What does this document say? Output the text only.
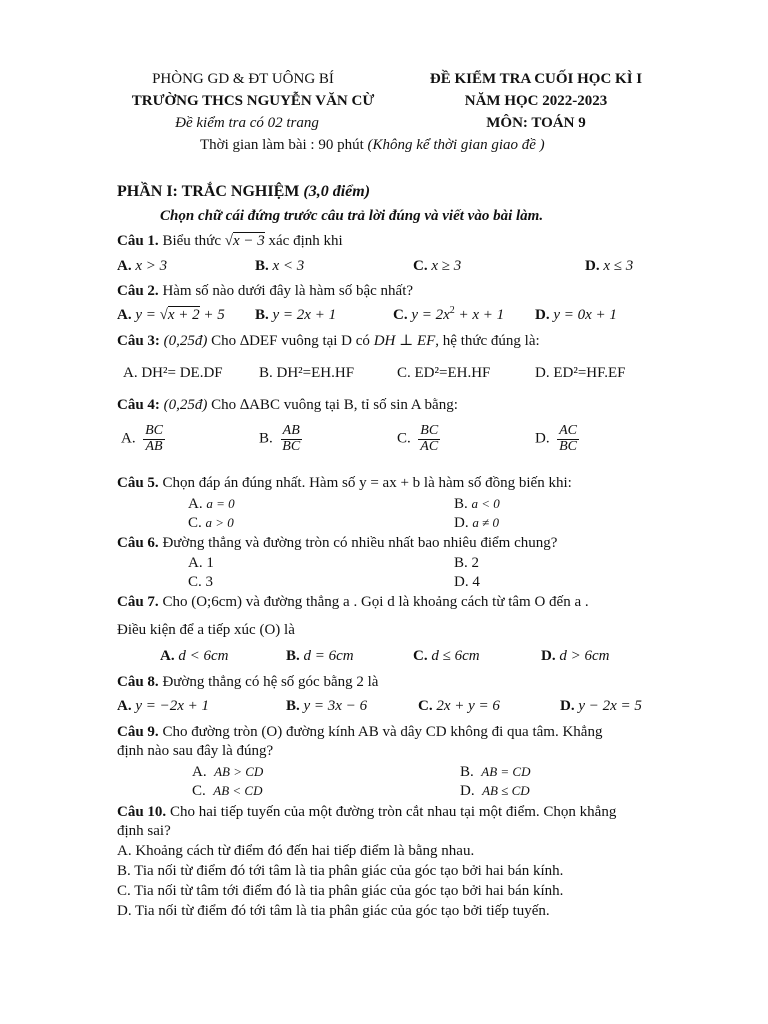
PHÒNG GD & ĐT UÔNG BÍ
TRƯỜNG THCS NGUYỄN VĂN CỪ
Đề kiểm tra có 02 trang
ĐỀ KIỂM TRA CUỐI HỌC KÌ I
NĂM HỌC 2022-2023
MÔN: TOÁN 9
Thời gian làm bài : 90 phút (Không kể thời gian giao đề )
PHẦN I: TRẮC NGHIỆM (3,0 điểm)
Chọn chữ cái đứng trước câu trả lời đúng và viết vào bài làm.
Câu 1. Biểu thức √x − 3 xác định khi
A. x > 3	B. x < 3	C. x ≥ 3	D. x ≤ 3
Câu 2. Hàm số nào dưới đây là hàm số bậc nhất?
A. y = √x + 2 + 5 B. y = 2x + 1	C. $y = 2x^2 + x + 1$ D. y = 0x + 1
Câu 3: (0,25đ) Cho ∆DEF vuông tại D có DH ⊥ EF, hệ thức đúng là:
A. DH²= DE.DF B. DH²=EH.HF	C. ED²=EH.HF	D. ED²=HF.EF
Câu 4: (0,25đ) Cho ∆ABC vuông tại B, tỉ số sin A bằng:
A. $\frac{BC}{AB}$	B. $\frac{AB}{BC}$	C. $\frac{BC}{AC}$	D. $\frac{AC}{BC}$
Câu 5. Chọn đáp án đúng nhất. Hàm số y = ax + b là hàm số đồng biến khi:
A. a = 0	B. a < 0
C. a > 0	D. a ≠ 0
Câu 6. Đường thẳng và đường tròn có nhiều nhất bao nhiêu điểm chung?
A. 1	B. 2
C. 3	D. 4
Câu 7. Cho (O;6cm) và đường thẳng a . Gọi d là khoảng cách từ tâm O đến a .
Điều kiện để a tiếp xúc (O) là
A. d < 6cm	B. d = 6cm	C. d ≤ 6cm	D. d > 6cm
Câu 8. Đường thẳng có hệ số góc bằng 2 là
A. y = −2x + 1	B. y = 3x − 6	C. 2x + y = 6	D. y − 2x = 5
Câu 9. Cho đường tròn (O) đường kính AB và dây CD không đi qua tâm. Khẳng
định nào sau đây là đúng?
A. AB > CD	B. AB = CD
C. AB < CD	D. AB ≤ CD
Câu 10. Cho hai tiếp tuyến của một đường tròn cắt nhau tại một điểm. Chọn khẳng
định sai?
A. Khoảng cách từ điểm đó đến hai tiếp điểm là bằng nhau.
B. Tia nối từ điểm đó tới tâm là tia phân giác của góc tạo bởi hai bán kính.
C. Tia nối từ tâm tới điểm đó là tia phân giác của góc tạo bởi hai bán kính.
D. Tia nối từ điểm đó tới tâm là tia phân giác của góc tạo bởi tiếp tuyến.
